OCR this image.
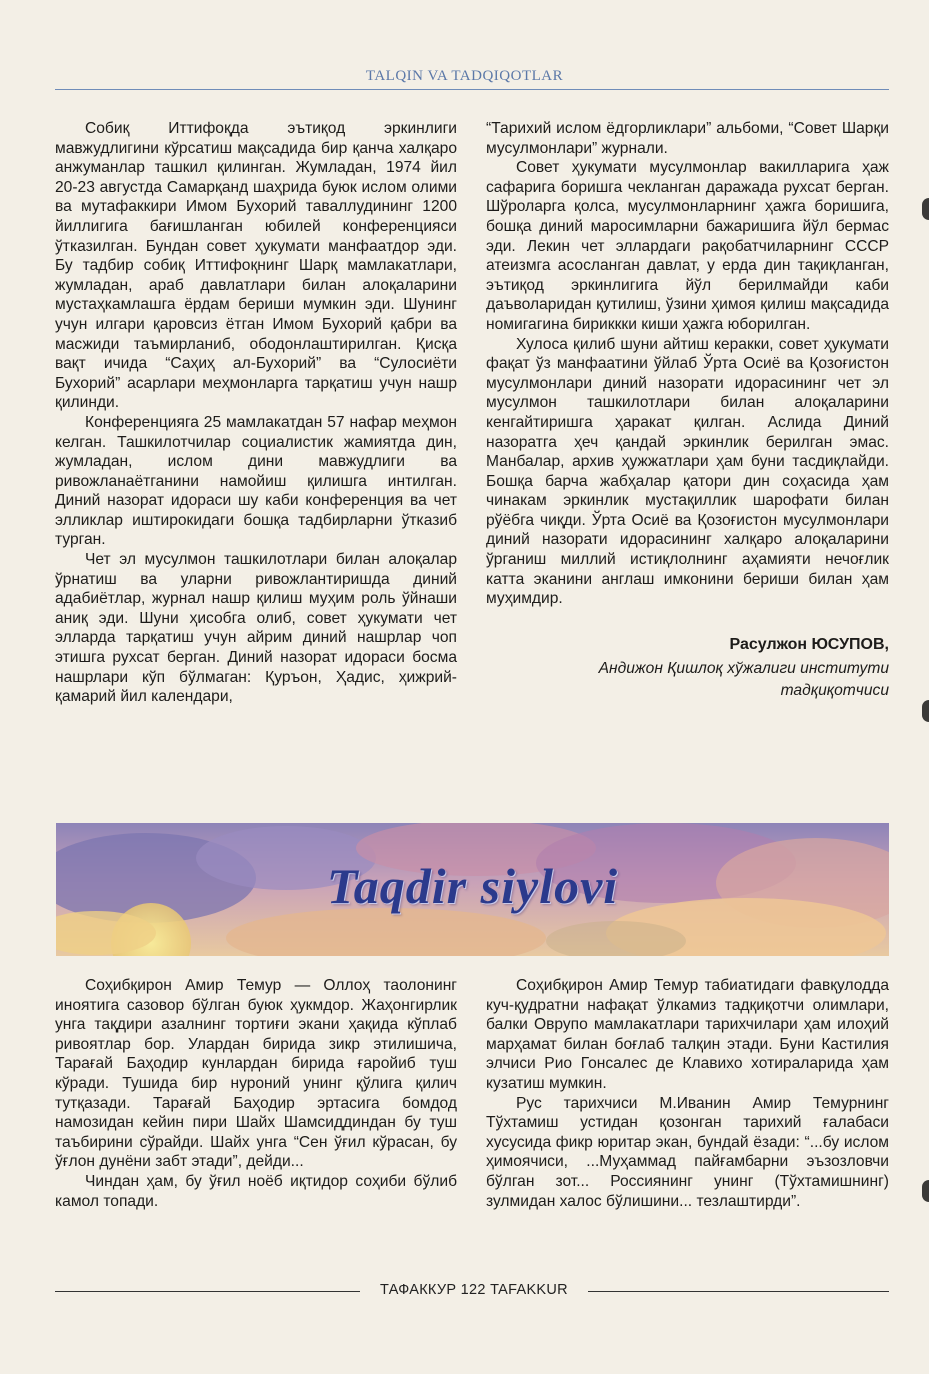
TALQIN VA TADQIQOTLAR

Собиқ Иттифоқда эътиқод эркинлиги мавжудлигини кўрсатиш мақсадида бир қанча халқаро анжуманлар ташкил қилинган. Жумладан, 1974 йил 20-23 августда Самарқанд шаҳрида буюк ислом олими ва мутафаккири Имом Бухорий таваллудининг 1200 йиллигига бағишланган юбилей конференцияси ўтказилган. Бундан совет ҳукумати манфаатдор эди. Бу тадбир собиқ Иттифоқнинг Шарқ мамлакатлари, жумладан, араб давлатлари билан алоқаларини мустаҳкамлашга ёрдам бериши мумкин эди. Шунинг учун илгари қаровсиз ётган Имом Бухорий қабри ва масжиди таъмирланиб, ободонлаштирилган. Қисқа вақт ичида “Саҳиҳ ал-Бухорий” ва “Сулосиёти Бухорий” асарлари меҳмонларга тарқатиш учун нашр қилинди.

Конференцияга 25 мамлакатдан 57 нафар меҳмон келган. Ташкилотчилар социалистик жамиятда дин, жумладан, ислом дини мавжудлиги ва ривожланаётганини намойиш қилишга интилган. Диний назорат идораси шу каби конференция ва чет элликлар иштирокидаги бошқа тадбирларни ўтказиб турган.

Чет эл мусулмон ташкилотлари билан алоқалар ўрнатиш ва уларни ривожлантиришда диний адабиётлар, журнал нашр қилиш муҳим роль ўйнаши аниқ эди. Шуни ҳисобга олиб, совет ҳукумати чет элларда тарқатиш учун айрим диний нашрлар чоп этишга рухсат берган. Диний назорат идораси босма нашрлари кўп бўлмаган: Қуръон, Ҳадис, ҳижрий-қамарий йил календари,

“Тарихий ислом ёдгорликлари” альбоми, “Совет Шарқи мусулмонлари” журнали.

Совет ҳукумати мусулмонлар вакилларига ҳаж сафарига боришга чекланган даражада рухсат берган. Шўроларга қолса, мусулмонларнинг ҳажга боришига, бошқа диний маросимларни бажаришига йўл бермас эди. Лекин чет эллардаги рақобатчиларнинг СССР атеизмга асосланган давлат, у ерда дин тақиқланган, эътиқод эркинлигига йўл берилмайди каби даъволаридан қутилиш, ўзини ҳимоя қилиш мақсадида номигагина бириккки киши ҳажга юборилган.

Хулоса қилиб шуни айтиш керакки, совет ҳукумати фақат ўз манфаатини ўйлаб Ўрта Осиё ва Қозоғистон мусулмонлари диний назорати идорасининг чет эл мусулмон ташкилотлари билан алоқаларини кенгайтиришга ҳаракат қилган. Аслида Диний назоратга ҳеч қандай эркинлик берилган эмас. Манбалар, архив ҳужжатлари ҳам буни тасдиқлайди. Бошқа барча жабҳалар қатори дин соҳасида ҳам чинакам эркинлик мустақиллик шарофати билан рўёбга чиқди. Ўрта Осиё ва Қозоғистон мусулмонлари диний назорати идорасининг халқаро алоқаларини ўрганиш миллий истиқлолнинг аҳамияти нечоғлик катта эканини англаш имконини бериши билан ҳам муҳимдир.

Расулжон ЮСУПОВ,

Андижон Қишлоқ хўжалиги институти
тадқиқотчиси

Taqdir siylovi

Соҳибқирон Амир Темур — Оллоҳ таолонинг иноятига сазовор бўлган буюк ҳукмдор. Жаҳонгирлик унга тақдири азалнинг тортиғи экани ҳақида кўплаб ривоятлар бор. Улардан бирида зикр этилишича, Тарағай Баҳодир кунлардан бирида ғаройиб туш кўради. Тушида бир нуроний унинг қўлига қилич тутқазади. Тарағай Баҳодир эртасига бомдод намозидан кейин пири Шайх Шамсиддиндан бу туш таъбирини сўрайди. Шайх унга “Сен ўғил кўрасан, бу ўғлон дунёни забт этади”, дейди...

Чиндан ҳам, бу ўғил ноёб иқтидор соҳиби бўлиб камол топади.

Соҳибқирон Амир Темур табиатидаги фавқулодда куч-қудратни нафақат ўлкамиз тадқиқотчи олимлари, балки Оврупо мамлакатлари тарихчилари ҳам илоҳий марҳамат билан боғлаб талқин этади. Буни Кастилия элчиси Рио Гонсалес де Клавихо хотираларида ҳам кузатиш мумкин.

Рус тарихчиси М.Иванин Амир Темурнинг Тўхтамиш устидан қозонган тарихий ғалабаси хусусида фикр юритар экан, бундай ёзади: “...бу ислом ҳимоячиси, ...Муҳаммад пайғамбарни эъзозловчи бўлган зот... Россиянинг унинг (Тўхтамишнинг) зулмидан халос бўлишини... тезлаштирди”.

ТАФАККУР 122 TAFAKKUR
